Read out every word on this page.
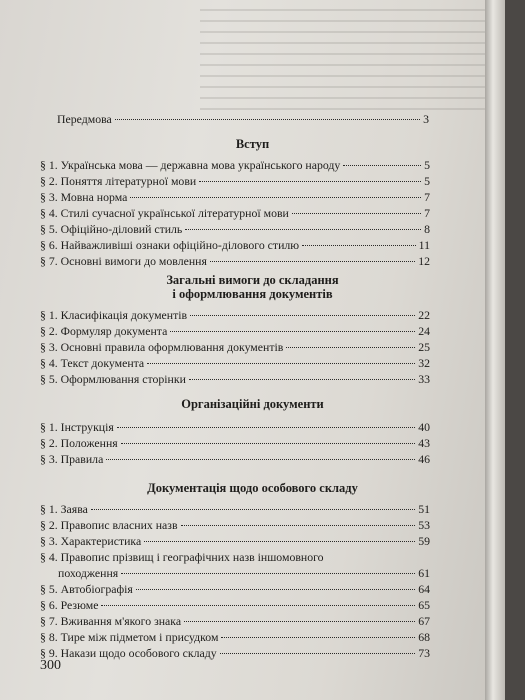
Передмова	3
Вступ
§ 1. Українська мова — державна мова українського народу	5
§ 2. Поняття літературної мови	5
§ 3. Мовна норма	7
§ 4. Стилі сучасної української літературної мови	7
§ 5. Офіційно-діловий стиль	8
§ 6. Найважливіші ознаки офіційно-ділового стилю	11
§ 7. Основні вимоги до мовлення	12
Загальні вимоги до складання
і оформлювання документів
§ 1. Класифікація документів	22
§ 2. Формуляр документа	24
§ 3. Основні правила оформлювання документів	25
§ 4. Текст документа	32
§ 5. Оформлювання сторінки	33
Організаційні документи
§ 1. Інструкція	40
§ 2. Положення	43
§ 3. Правила	46
Документація щодо особового складу
§ 1. Заява	51
§ 2. Правопис власних назв	53
§ 3. Характеристика	59
§ 4. Правопис прізвищ і географічних назв іншомовного
походження	61
§ 5. Автобіографія	64
§ 6. Резюме	65
§ 7. Вживання м'якого знака	67
§ 8. Тире між підметом і присудком	68
§ 9. Накази щодо особового складу	73
300
